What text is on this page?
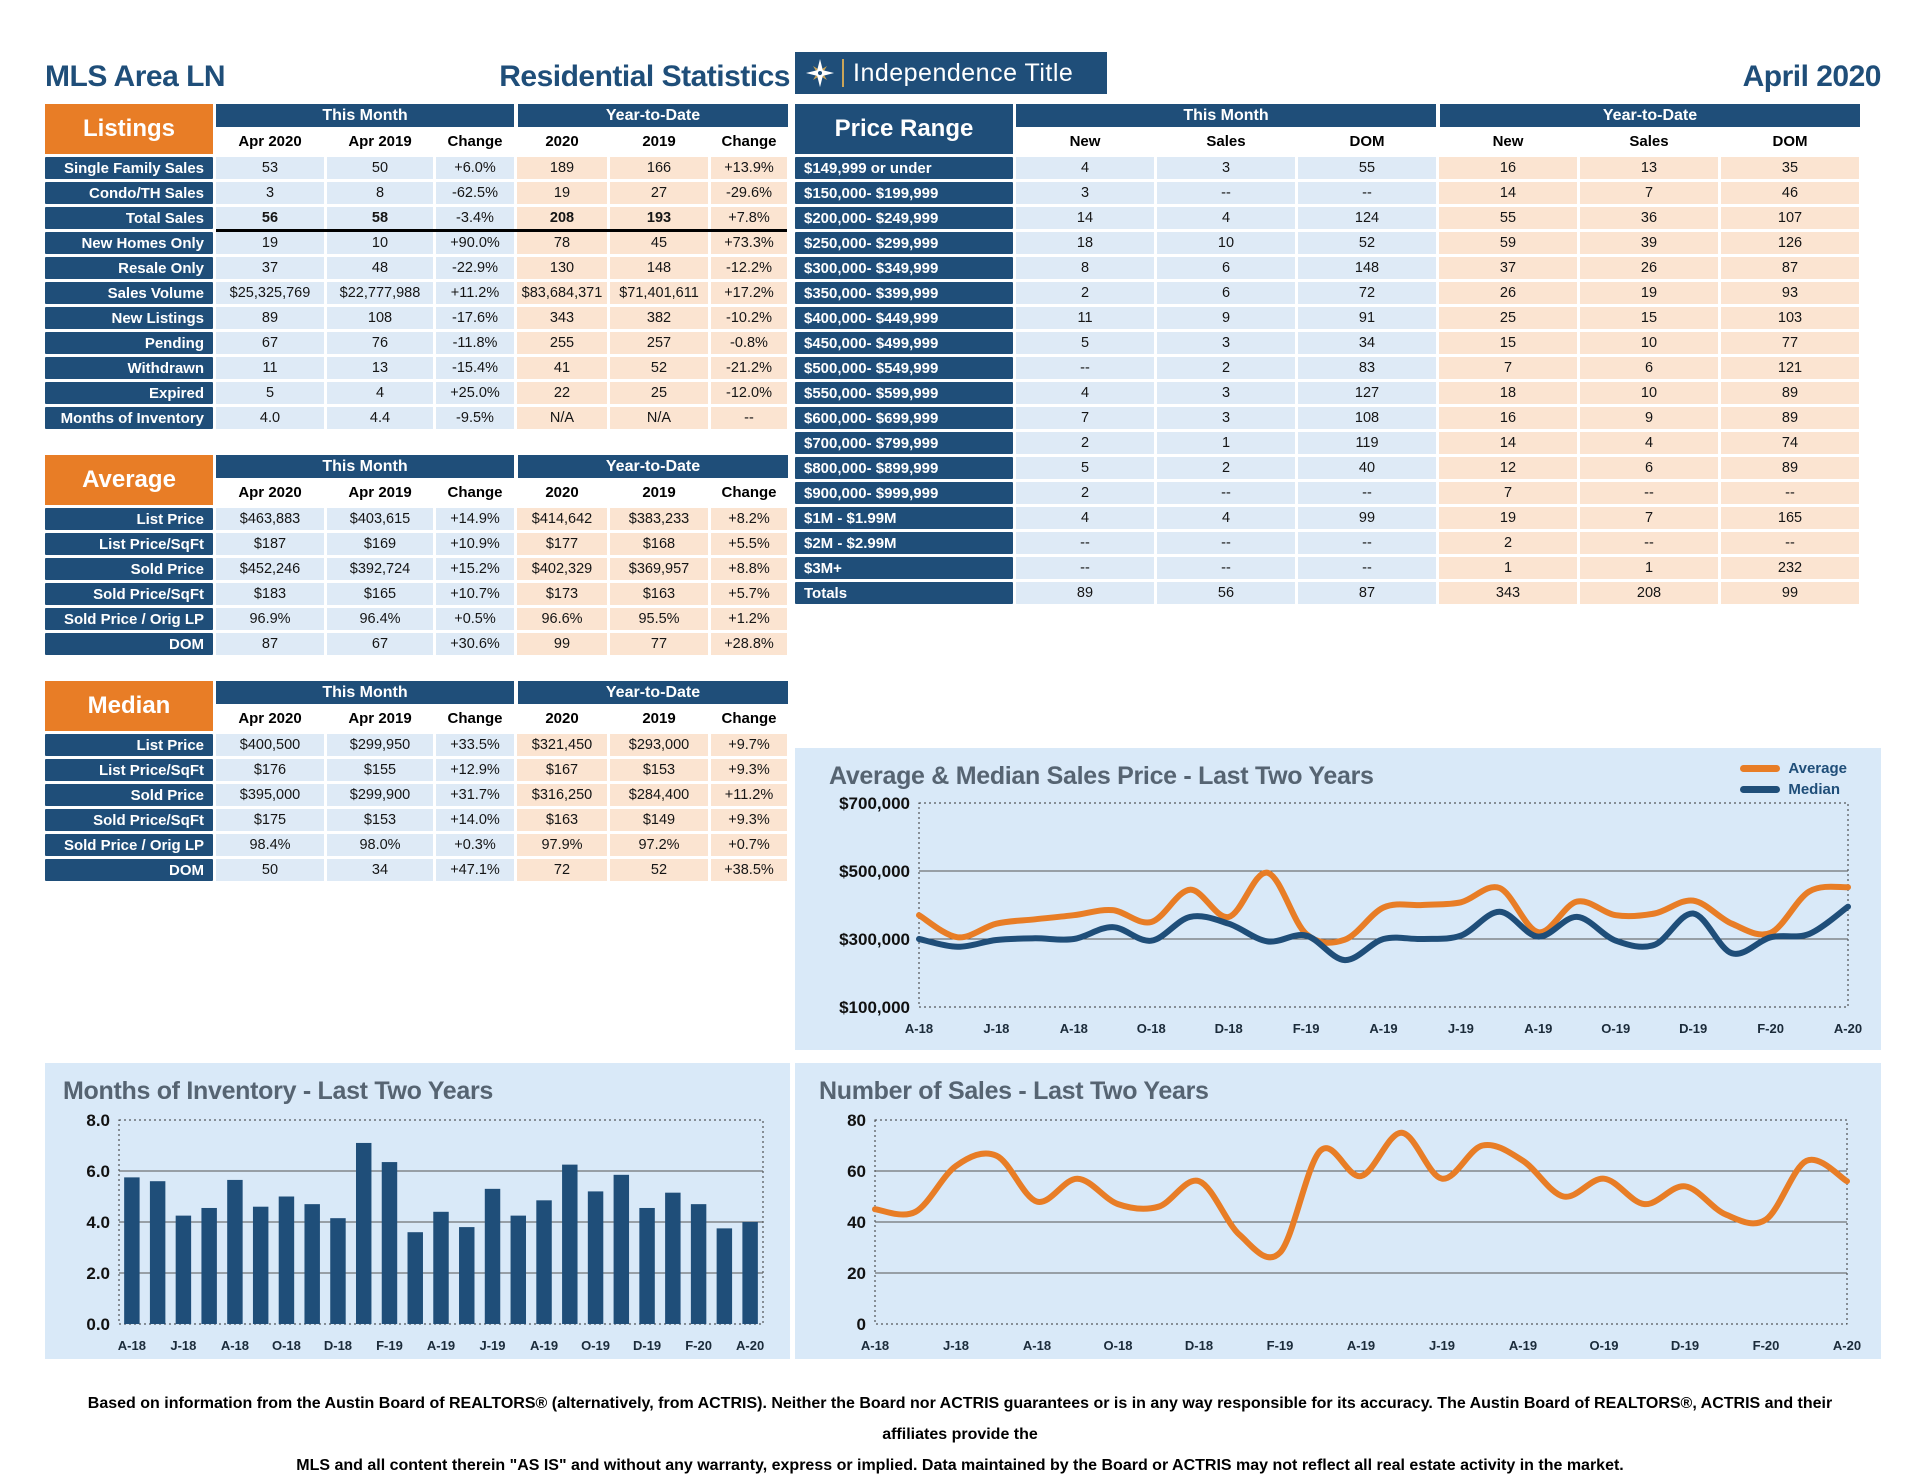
MLS Area LN	Residential Statistics
Listings	This Month	Year-to-Date
Apr 2020	Apr 2019	Change	2020	2019	Change
Single Family Sales	53	50	+6.0%	189	166	+13.9%
Condo/TH Sales	3	8	-62.5%	19	27	-29.6%
Total Sales	56	58	-3.4%	208	193	+7.8%
New Homes Only	19	10	+90.0%	78	45	+73.3%
Resale Only	37	48	-22.9%	130	148	-12.2%
Sales Volume	$25,325,769	$22,777,988	+11.2%	$83,684,371	$71,401,611	+17.2%
New Listings	89	108	-17.6%	343	382	-10.2%
Pending	67	76	-11.8%	255	257	-0.8%
Withdrawn	11	13	-15.4%	41	52	-21.2%
Expired	5	4	+25.0%	22	25	-12.0%
Months of Inventory	4.0	4.4	-9.5%	N/A	N/A	--
Average	This Month	Year-to-Date
Apr 2020	Apr 2019	Change	2020	2019	Change
List Price	$463,883	$403,615	+14.9%	$414,642	$383,233	+8.2%
List Price/SqFt	$187	$169	+10.9%	$177	$168	+5.5%
Sold Price	$452,246	$392,724	+15.2%	$402,329	$369,957	+8.8%
Sold Price/SqFt	$183	$165	+10.7%	$173	$163	+5.7%
Sold Price / Orig LP	96.9%	96.4%	+0.5%	96.6%	95.5%	+1.2%
DOM	87	67	+30.6%	99	77	+28.8%
Median	This Month	Year-to-Date
Apr 2020	Apr 2019	Change	2020	2019	Change
List Price	$400,500	$299,950	+33.5%	$321,450	$293,000	+9.7%
List Price/SqFt	$176	$155	+12.9%	$167	$153	+9.3%
Sold Price	$395,000	$299,900	+31.7%	$316,250	$284,400	+11.2%
Sold Price/SqFt	$175	$153	+14.0%	$163	$149	+9.3%
Sold Price / Orig LP	98.4%	98.0%	+0.3%	97.9%	97.2%	+0.7%
DOM	50	34	+47.1%	72	52	+38.5%
Independence Title	April 2020
Price Range	This Month	Year-to-Date
New	Sales	DOM	New	Sales	DOM
$149,999 or under	4	3	55	16	13	35
$150,000- $199,999	3	--	--	14	7	46
$200,000- $249,999	14	4	124	55	36	107
$250,000- $299,999	18	10	52	59	39	126
$300,000- $349,999	8	6	148	37	26	87
$350,000- $399,999	2	6	72	26	19	93
$400,000- $449,999	11	9	91	25	15	103
$450,000- $499,999	5	3	34	15	10	77
$500,000- $549,999	--	2	83	7	6	121
$550,000- $599,999	4	3	127	18	10	89
$600,000- $699,999	7	3	108	16	9	89
$700,000- $799,999	2	1	119	14	4	74
$800,000- $899,999	5	2	40	12	6	89
$900,000- $999,999	2	--	--	7	--	--
$1M - $1.99M	4	4	99	19	7	165
$2M - $2.99M	--	--	--	2	--	--
$3M+	--	--	--	1	1	232
Totals	89	56	87	343	208	99
Average & Median Sales Price - Last Two Years	Average
Median
$700,000
$500,000
$300,000
$100,000
A-18	J-18	A-18	O-18	D-18	F-19	A-19	J-19	A-19	O-19	D-19	F-20	A-20
Months of Inventory - Last Two Years
8.0
6.0
4.0
2.0
0.0
A-18 J-18 A-18 O-18 D-18 F-19 A-19 J-19 A-19 O-19 D-19 F-20 A-20
Number of Sales - Last Two Years
80
60
40
20
0
A-18	J-18	A-18	O-18	D-18	F-19	A-19	J-19	A-19	O-19	D-19	F-20	A-20
Based on information from the Austin Board of REALTORS® (alternatively, from ACTRIS). Neither the Board nor ACTRIS guarantees or is in any way responsible for its accuracy. The Austin Board of REALTORS®, ACTRIS and their affiliates provide the
MLS and all content therein "AS IS" and without any warranty, express or implied. Data maintained by the Board or ACTRIS may not reflect all real estate activity in the market.
